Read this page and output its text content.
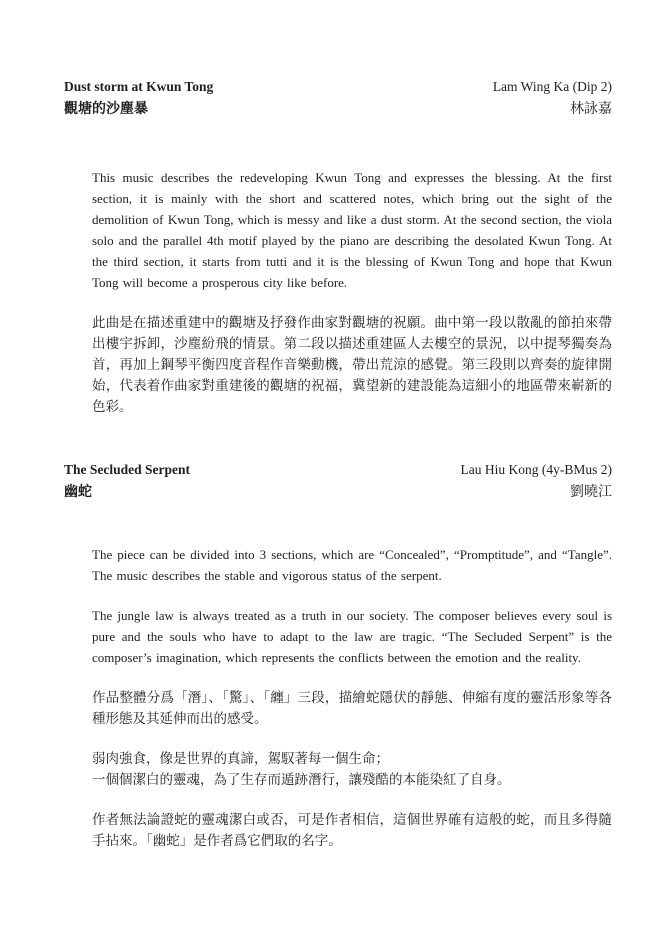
Dust storm at Kwun Tong
觀塘的沙塵暴
Lam Wing Ka (Dip 2)
林詠嘉

This music describes the redeveloping Kwun Tong and expresses the blessing. At the first section, it is mainly with the short and scattered notes, which bring out the sight of the demolition of Kwun Tong, which is messy and like a dust storm. At the second section, the viola solo and the parallel 4th motif played by the piano are describing the desolated Kwun Tong. At the third section, it starts from tutti and it is the blessing of Kwun Tong and hope that Kwun Tong will become a prosperous city like before.

此曲是在描述重建中的觀塘及抒發作曲家對觀塘的祝願。曲中第一段以散亂的節拍來帶出樓宇拆卸，沙塵紛飛的情景。第二段以描述重建區人去樓空的景況，以中提琴獨奏為首，再加上鋼琴平衡四度音程作音樂動機，帶出荒涼的感覺。第三段則以齊奏的旋律開始，代表着作曲家對重建後的觀塘的祝福，冀望新的建設能為這細小的地區帶來嶄新的色彩。

The Secluded Serpent
幽蛇
Lau Hiu Kong (4y-BMus 2)
劉曉江

The piece can be divided into 3 sections, which are “Concealed”, “Promptitude”, and “Tangle”. The music describes the stable and vigorous status of the serpent.

The jungle law is always treated as a truth in our society. The composer believes every soul is pure and the souls who have to adapt to the law are tragic. “The Secluded Serpent” is the composer’s imagination, which represents the conflicts between the emotion and the reality.

作品整體分爲「潛」、「驚」、「纏」三段，描繪蛇隱伏的靜態、伸縮有度的靈活形象等各種形態及其延伸而出的感受。

弱肉強食，像是世界的真諦，駕馭著每一個生命；
一個個潔白的靈魂，為了生存而遁跡潛行，讓殘酷的本能染紅了自身。

作者無法論證蛇的靈魂潔白或否，可是作者相信，這個世界確有這般的蛇，而且多得隨手拈來。「幽蛇」是作者爲它們取的名字。
